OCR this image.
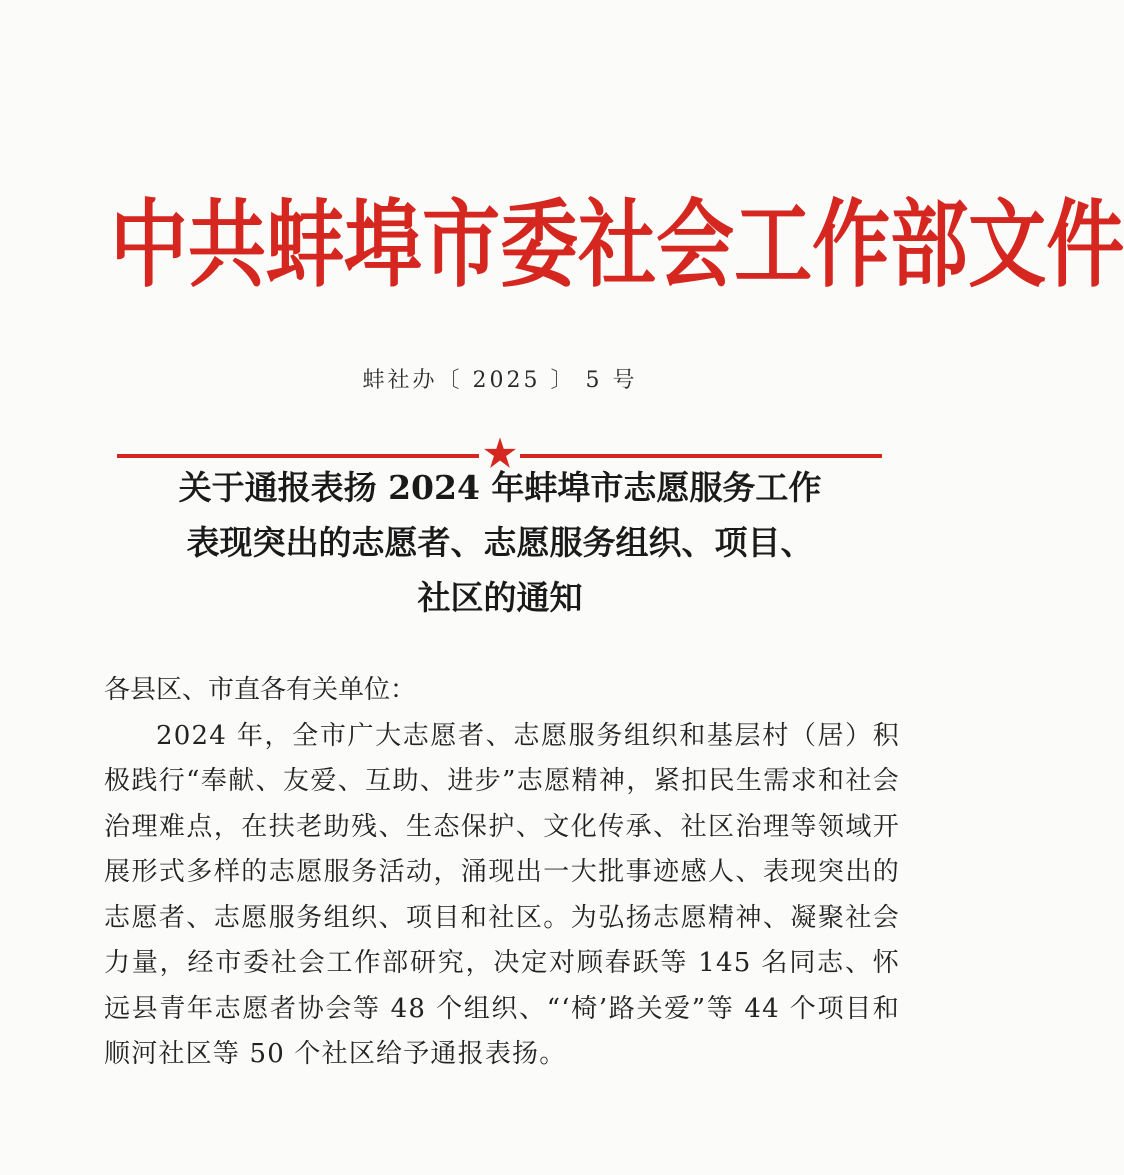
中 共 蚌 埠 市 委 社 会 工 作 部 文 件
蚌社办〔 2025 〕 5 号
关于通报表扬 2024 年蚌埠市志愿服务工作
表现突出的志愿者、志愿服务组织、项目、
社区的通知

各县区、市直各有关单位：

2024 年，全市广大志愿者、志愿服务组织和基层村（居）积极践行“奉献、友爱、互助、进步”志愿精神，紧扣民生需求和社会治理难点，在扶老助残、生态保护、文化传承、社区治理等领域开展形式多样的志愿服务活动，涌现出一大批事迹感人、表现突出的志愿者、志愿服务组织、项目和社区。为弘扬志愿精神、凝聚社会力量，经市委社会工作部研究，决定对顾春跃等 145 名同志、怀远县青年志愿者协会等 48 个组织、“‘椅’路关爱”等 44 个项目和顺河社区等 50 个社区给予通报表扬。
